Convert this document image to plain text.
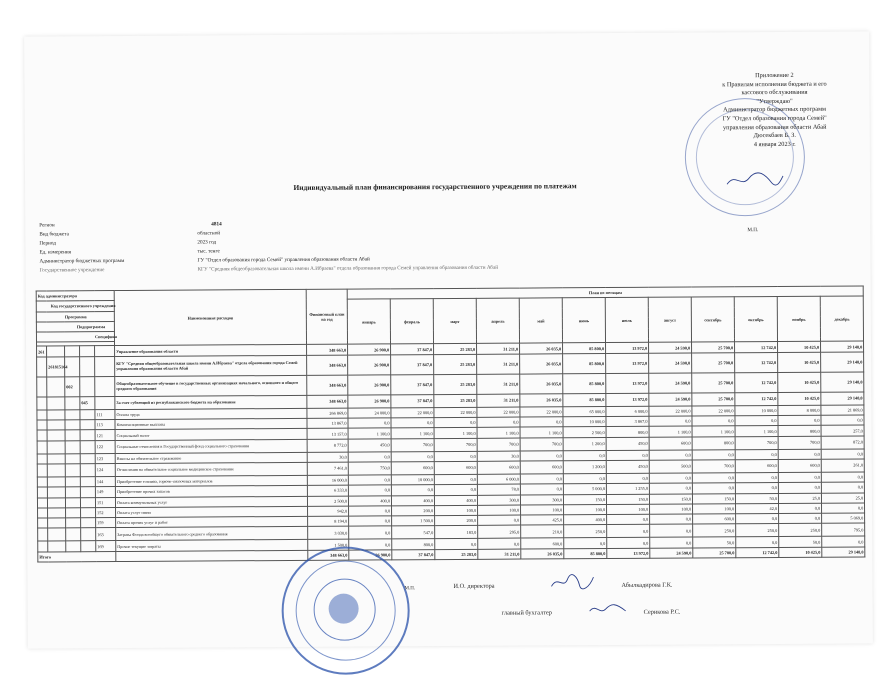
Приложение 2
к Правилам исполнения бюджета и его
кассового обслуживания
"Утверждаю"
Администратор бюджетных программ
ГУ "Отдел образования города Семей"
управления образования области Абай
Дюсекбаев Б. З.
4 января 2023 г.
Индивидуальный план финансирования государственного учреждения по платежам
М.П.
Регион	4814
Вид бюджета	областной
Период	2023 год
Ед. измерения	тыс. тенге
Администратор бюджетных программ	ГУ "Отдел образования города Семей" управления образования области Абай
Государственное учреждение	КГУ "Средняя общеобразовательная школа имени А.Ибраева" отдела образования города Семей управления образования области Абай
Код администратора					Наименование расходов	Финансовый план на год	План по месяцам											
Код государственного учреждения							январь	февраль	март	апрель	май	июнь	июль	август	сентябрь	октябрь	ноябрь	декабрь
Программа																		
Подпрограмма																		
Специфика																		

261					Управление образования области	348 663,0	26 900,0	37 847,0	25 283,0	31 211,0	26 035,0	85 800,0	13 972,0	24 590,0	25 700,0	12 742,0	10 425,0	29 148,0
	261815164				КГУ "Средняя общеобразовательная школа имени А.Ибраева" отдела образования города Семей управления образования области Абай	348 663,0	26 900,0	37 847,0	25 283,0	31 211,0	26 035,0	85 800,0	13 972,0	24 590,0	25 700,0	12 742,0	10 425,0	29 148,0
		002			Общеобразовательное обучение в государственных организациях начального, основного и общего среднего образования	348 663,0	26 900,0	37 847,0	25 283,0	31 211,0	26 035,0	85 800,0	13 972,0	24 590,0	25 700,0	12 742,0	10 425,0	29 148,0
			045		За счет субвенций из республиканского бюджета на образование	348 663,0	26 900,0	37 847,0	25 283,0	31 211,0	26 035,0	85 800,0	13 972,0	24 590,0	25 700,0	12 742,0	10 425,0	29 148,0
				111	Оплата труда	266 869,0	24 000,0	22 000,0	22 000,0	22 000,0	22 000,0	65 000,0	6 000,0	22 000,0	22 000,0	10 000,0	8 000,0	21 869,0
				113	Компенсационные выплаты	13 867,0	0,0	0,0	0,0	0,0	0,0	10 000,0	3 867,0	0,0	0,0	0,0	0,0	0,0
				121	Социальный налог	13 157,0	1 100,0	1 100,0	1 100,0	1 100,0	1 100,0	2 500,0	800,0	1 100,0	1 100,0	1 100,0	800,0	257,0
				122	Социальные отчисления в Государственный фонд социального страхования	8 772,0	450,0	700,0	700,0	700,0	700,0	1 200,0	450,0	600,0	800,0	700,0	700,0	872,0
				123	Взносы на обязательное страхование	30,0	0,0	0,0	0,0	30,0	0,0	0,0	0,0	0,0	0,0	0,0	0,0	0,0
				124	Отчисления на обязательное социальное медицинское страхование	7 461,0	750,0	600,0	600,0	600,0	600,0	1 200,0	450,0	500,0	700,0	600,0	600,0	261,0
				144	Приобретение топлива, горюче-смазочных материалов	16 000,0	0,0	10 000,0	0,0	6 000,0	0,0	0,0	0,0	0,0	0,0	0,0	0,0	0,0
				149	Приобретение прочих запасов	6 333,0	0,0	0,0	0,0	78,0	0,0	5 000,0	1 255,0	0,0	0,0	0,0	0,0	0,0
				151	Оплата коммунальных услуг	2 500,0	400,0	400,0	400,0	300,0	300,0	150,0	150,0	150,0	150,0	50,0	25,0	25,0
				152	Оплата услуг связи	942,0	0,0	200,0	100,0	100,0	100,0	100,0	100,0	100,0	100,0	42,0	0,0	0,0
				159	Оплата прочих услуг и работ	8 194,0	0,0	1 500,0	200,0	0,0	425,0	400,0	0,0	0,0	600,0	0,0	0,0	5 069,0
				163	Затраты Фонда всеобщего обязательного среднего образования	3 030,0	0,0	547,0	183,0	295,0	210,0	250,0	0,0	0,0	250,0	250,0	250,0	795,0
				169	Прочие текущие затраты	1 500,0	0,0	800,0	0,0	0,0	600,0	0,0	0,0	0,0	50,0	0,0	50,0	0,0
Итого						348 663,0	26 900,0	37 847,0	25 283,0	31 211,0	26 035,0	85 800,0	13 972,0	24 590,0	25 700,0	12 742,0	10 425,0	29 148,0
М.П.	И.О. директора	Абылкадирова Г.К.
главный бухгалтер	Серикова Р.С.
